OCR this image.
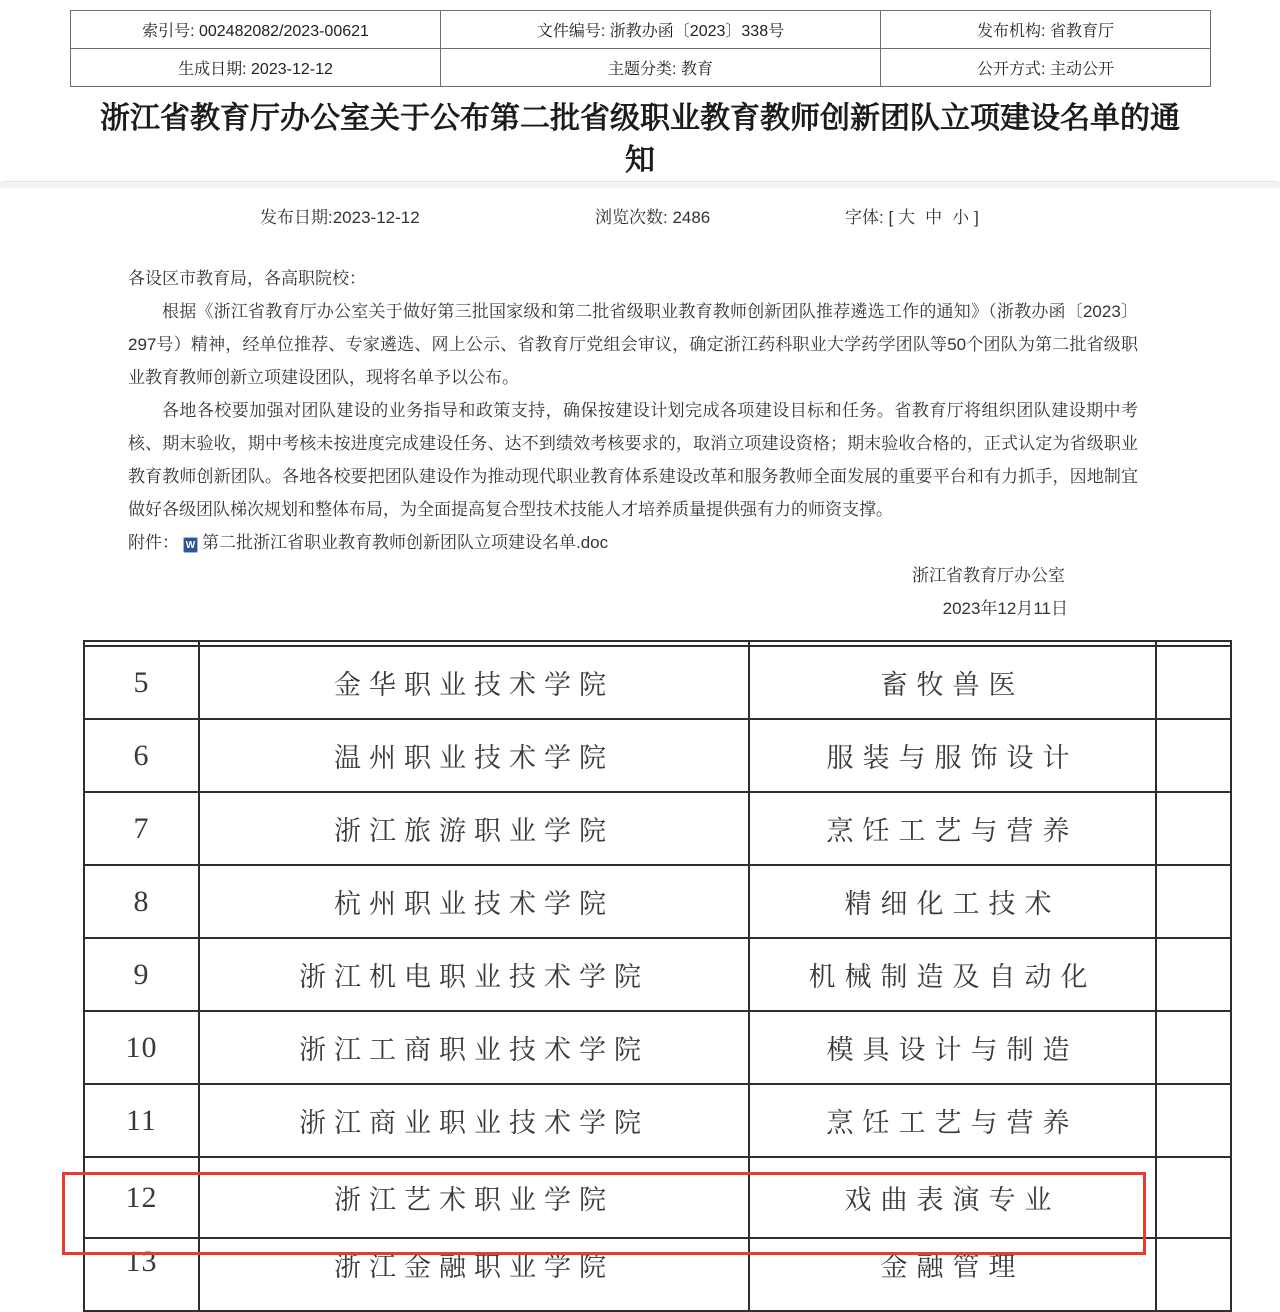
索引号: 002482082/2023-00621	文件编号: 浙教办函〔2023〕338号	发布机构: 省教育厅
生成日期: 2023-12-12	主题分类: 教育	公开方式: 主动公开
浙江省教育厅办公室关于公布第二批省级职业教育教师创新团队立项建设名单的通知
发布日期:2023-12-12	浏览次数: 2486	字体: [ 大 中 小 ]

各设区市教育局，各高职院校：

根据《浙江省教育厅办公室关于做好第三批国家级和第二批省级职业教育教师创新团队推荐遴选工作的通知》（浙教办函〔2023〕297号）精神，经单位推荐、专家遴选、网上公示、省教育厅党组会审议，确定浙江药科职业大学药学团队等50个团队为第二批省级职业教育教师创新立项建设团队，现将名单予以公布。

各地各校要加强对团队建设的业务指导和政策支持，确保按建设计划完成各项建设目标和任务。省教育厅将组织团队建设期中考核、期末验收，期中考核未按进度完成建设任务、达不到绩效考核要求的，取消立项建设资格；期末验收合格的，正式认定为省级职业教育教师创新团队。各地各校要把团队建设作为推动现代职业教育体系建设改革和服务教师全面发展的重要平台和有力抓手，因地制宜做好各级团队梯次规划和整体布局，为全面提高复合型技术技能人才培养质量提供强有力的师资支撑。

附件： W 第二批浙江省职业教育教师创新团队立项建设名单.doc

浙江省教育厅办公室

2023年12月11日

5	金华职业技术学院	畜牧兽医	
6	温州职业技术学院	服装与服饰设计	
7	浙江旅游职业学院	烹饪工艺与营养	
8	杭州职业技术学院	精细化工技术	
9	浙江机电职业技术学院	机械制造及自动化	
10	浙江工商职业技术学院	模具设计与制造	
11	浙江商业职业技术学院	烹饪工艺与营养	
12	浙江艺术职业学院	戏曲表演专业	
13	浙江金融职业学院	金融管理	
